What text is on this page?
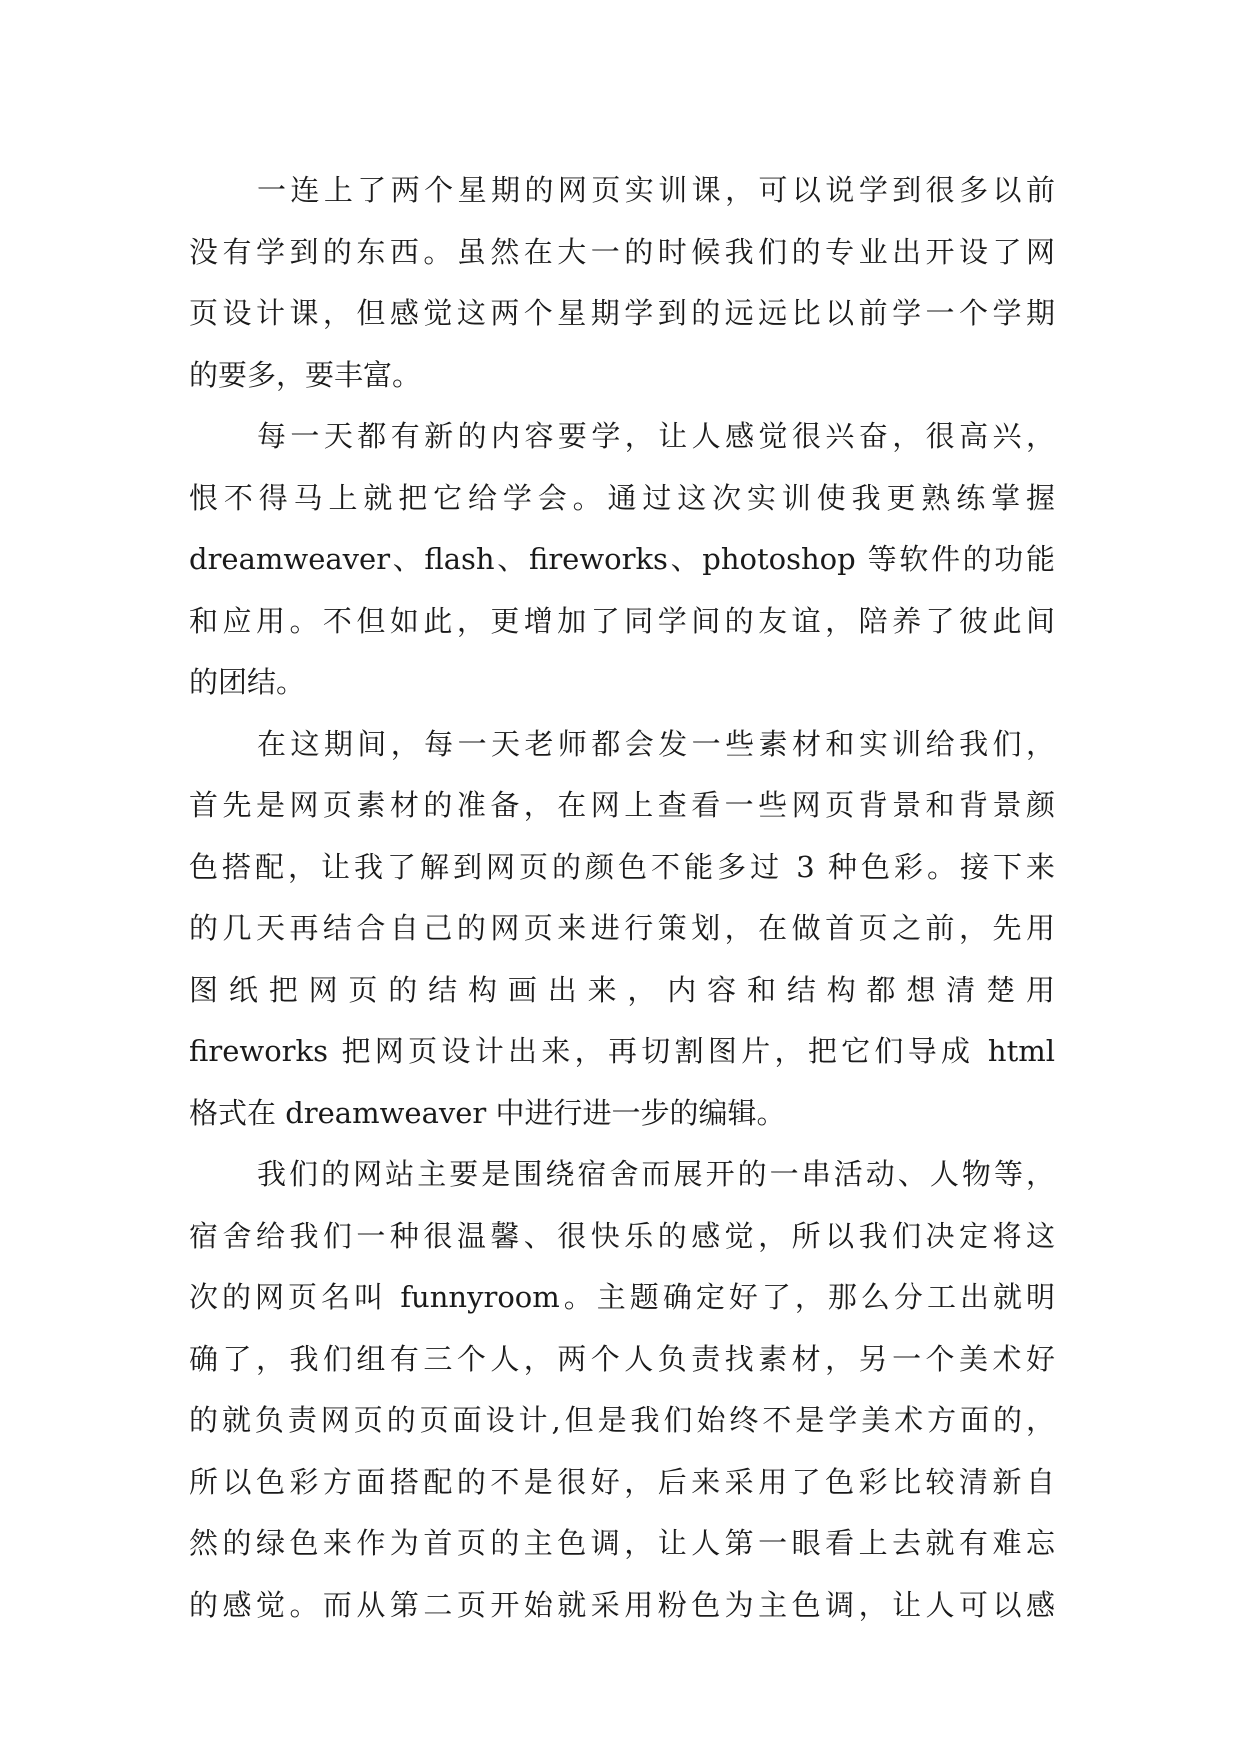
一连上了两个星期的网页实训课，可以说学到很多以前
没有学到的东西。虽然在大一的时候我们的专业出开设了网
页设计课，但感觉这两个星期学到的远远比以前学一个学期
的要多，要丰富。

每一天都有新的内容要学，让人感觉很兴奋，很高兴，
恨不得马上就把它给学会。通过这次实训使我更熟练掌握
dreamweaver、flash、fireworks、photoshop 等软件的功能
和应用。不但如此，更增加了同学间的友谊，陪养了彼此间
的团结。

在这期间，每一天老师都会发一些素材和实训给我们，
首先是网页素材的准备，在网上查看一些网页背景和背景颜
色搭配，让我了解到网页的颜色不能多过 3 种色彩。接下来
的几天再结合自己的网页来进行策划，在做首页之前，先用
图纸把网页的结构画出来，内容和结构都想清楚用
fireworks 把网页设计出来，再切割图片，把它们导成 html
格式在 dreamweaver 中进行进一步的编辑。

我们的网站主要是围绕宿舍而展开的一串活动、人物等，
宿舍给我们一种很温馨、很快乐的感觉，所以我们决定将这
次的网页名叫 funnyroom。主题确定好了，那么分工出就明
确了，我们组有三个人，两个人负责找素材，另一个美术好
的就负责网页的页面设计,但是我们始终不是学美术方面的，
所以色彩方面搭配的不是很好，后来采用了色彩比较清新自
然的绿色来作为首页的主色调，让人第一眼看上去就有难忘
的感觉。而从第二页开始就采用粉色为主色调，让人可以感
